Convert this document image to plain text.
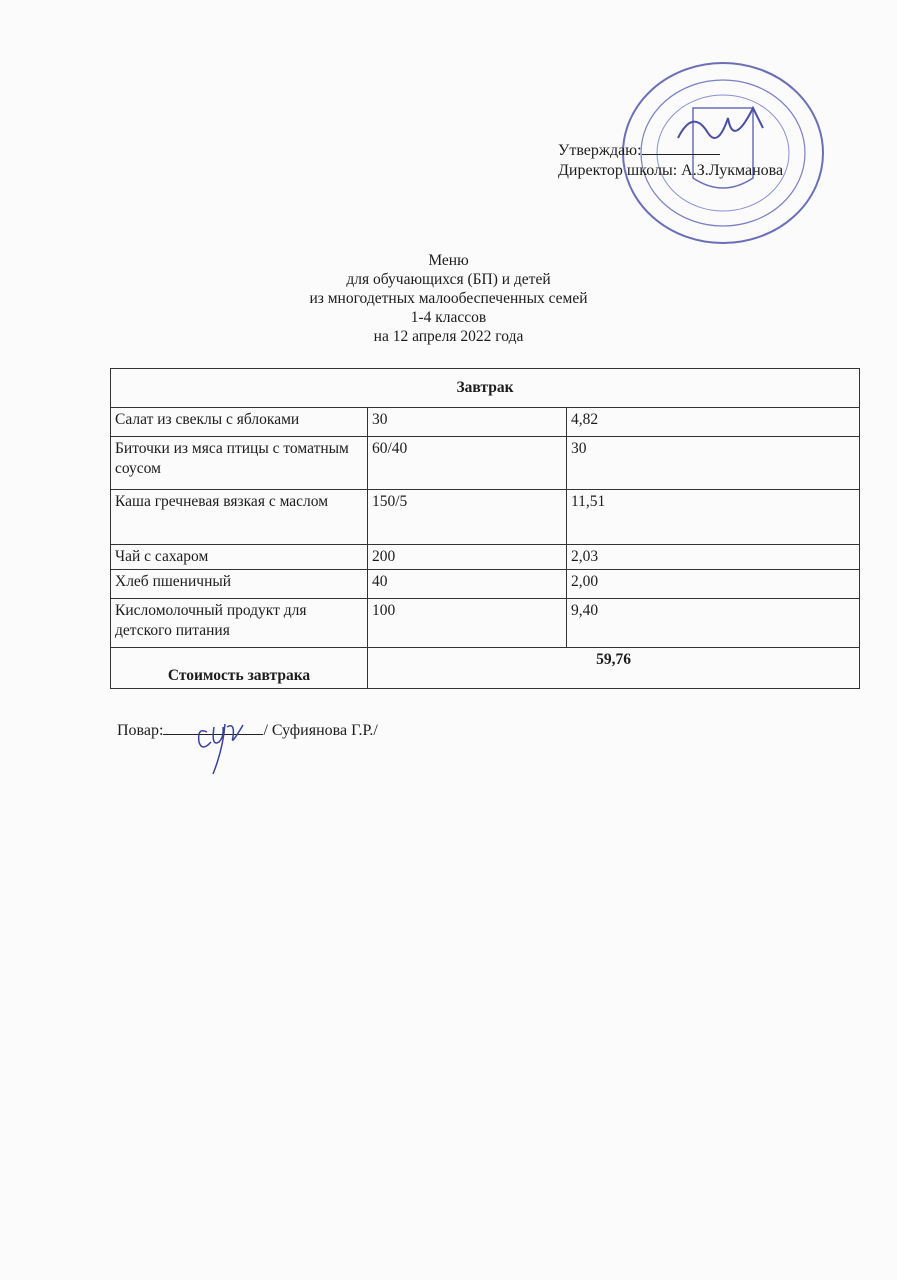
Утверждаю:
Директор школы: А.З.Лукманова
Меню
для обучающихся (БП) и детей
из многодетных малообеспеченных семей
1-4 классов
на 12 апреля 2022 года
Завтрак		
Салат из свеклы с яблоками	30	4,82
Биточки из мяса птицы с томатным соусом	60/40	30
Каша гречневая вязкая с маслом	150/5	11,51
Чай с сахаром	200	2,03
Хлеб пшеничный	40	2,00
Кисломолочный продукт для детского питания	100	9,40
Стоимость завтрака	59,76	
Повар:	/ Суфиянова Г.Р./
